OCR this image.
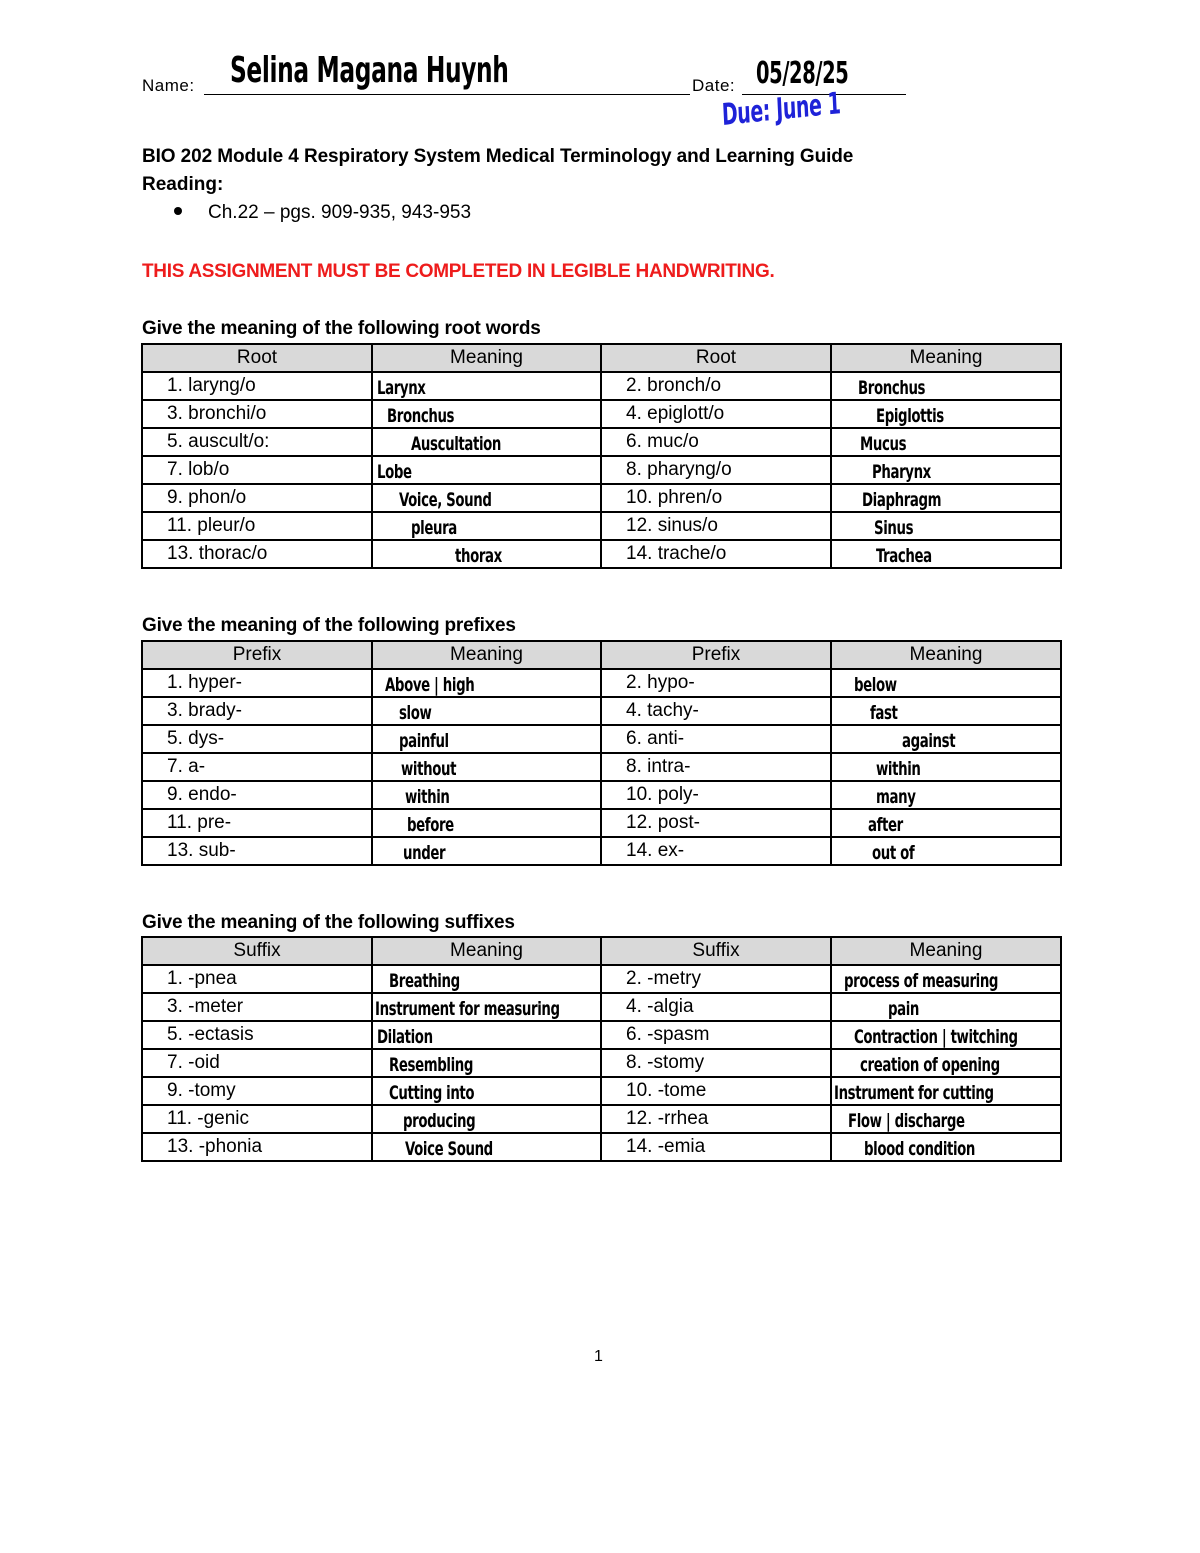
Name: Selina Magana Huynh	Date: 05/28/25
Due: June 1
BIO 202 Module 4 Respiratory System Medical Terminology and Learning Guide
Reading:
Ch.22 – pgs. 909-935, 943-953
THIS ASSIGNMENT MUST BE COMPLETED IN LEGIBLE HANDWRITING.
Give the meaning of the following root words
Root	Meaning	Root	Meaning
1. laryng/o	Larynx	2. bronch/o	Bronchus

3. bronchi/o	Bronchus	4. epiglott/o	Epiglottis

5. auscult/o:	Auscultation	6. muc/o	Mucus

7. lob/o	Lobe	8. pharyng/o	Pharynx

9. phon/o	Voice, Sound	10. phren/o	Diaphragm

11. pleur/o	pleura	12. sinus/o	Sinus

13. thorac/o	thorax	14. trache/o	Trachea
Give the meaning of the following prefixes
Prefix	Meaning	Prefix	Meaning
1. hyper-	Above | high	2. hypo-	below

3. brady-	slow	4. tachy-	fast

5. dys-	painful	6. anti-	against

7. a-	without	8. intra-	within

9. endo-	within	10. poly-	many

11. pre-	before	12. post-	after

13. sub-	under	14. ex-	out of
Give the meaning of the following suffixes
Suffix	Meaning	Suffix	Meaning
1. -pnea	Breathing	2. -metry	process of measuring

3. -meter	Instrument for measuring	4. -algia	pain

5. -ectasis	Dilation	6. -spasm	Contraction | twitching

7. -oid	Resembling	8. -stomy	creation of opening

9. -tomy	Cutting into	10. -tome	Instrument for cutting

11. -genic	producing	12. -rrhea	Flow | discharge

13. -phonia	Voice Sound	14. -emia	blood condition
1
